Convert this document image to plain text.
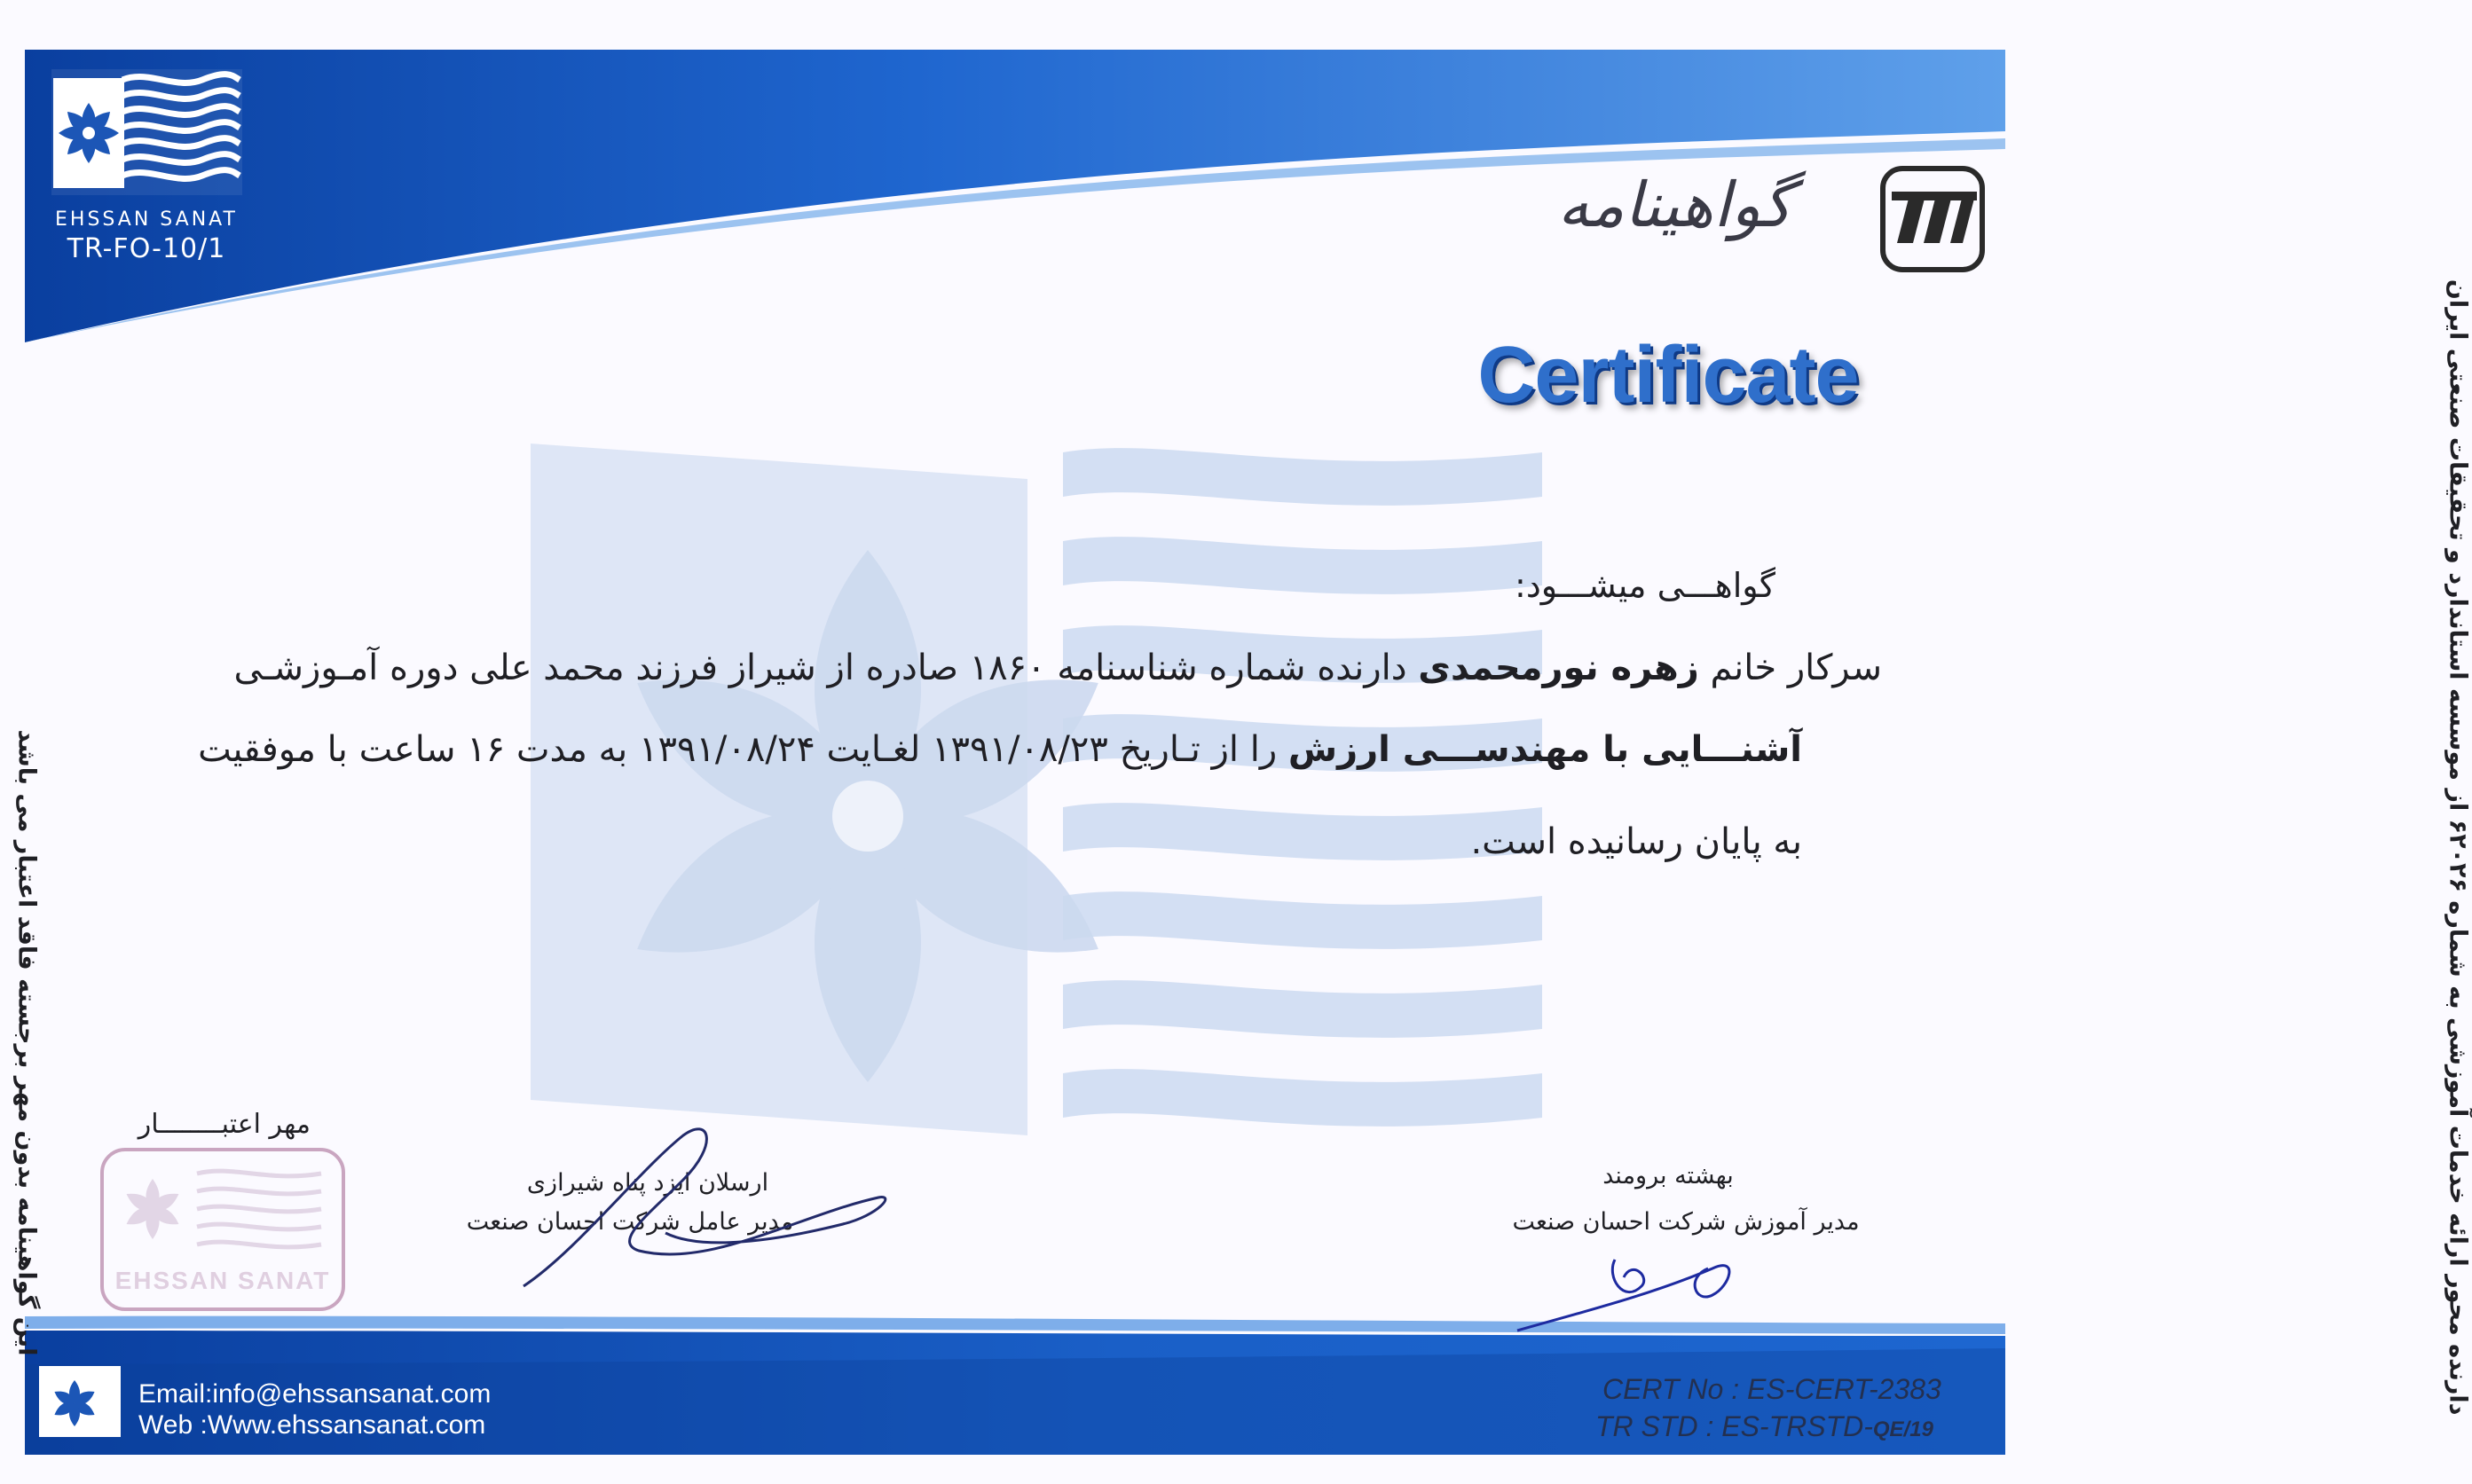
EHSSAN SANAT
TR-FO-10/1
گواهینامه
Certificate
گواهـــی میشـــود:
سرکار خانم زهره نورمحمدی دارنده شماره شناسنامه ۱۸۶۰ صادره از شیراز فرزند محمد علی دوره آمـوزشـی
آشنـــایی با مهندســـی ارزش را از تـاریخ ۱۳۹۱/۰۸/۲۳ لغـایت ۱۳۹۱/۰۸/۲۴ به مدت ۱۶ ساعت با موفقیت
به پایان رسانیده است.
دارنده محور ارائه خدمات آموزشی به شماره ۶۲۰۲۶ از موسسه استاندارد و تحقیقات صنعتی ایران
این گواهینامه بدون مهر برجسته فاقد اعتبار می باشد	مهر اعتبــــــــار
EHSSAN SANAT
ارسلان ایزد پناه شیرازی
مدیر عامل شرکت احسان صنعت
بهشته برومند
مدیر آموزش شرکت احسان صنعت
Email:info@ehssansanat.com
Web :Www.ehssansanat.com
CERT No : ES-CERT-2383
TR STD : ES-TRSTD-QE/19
